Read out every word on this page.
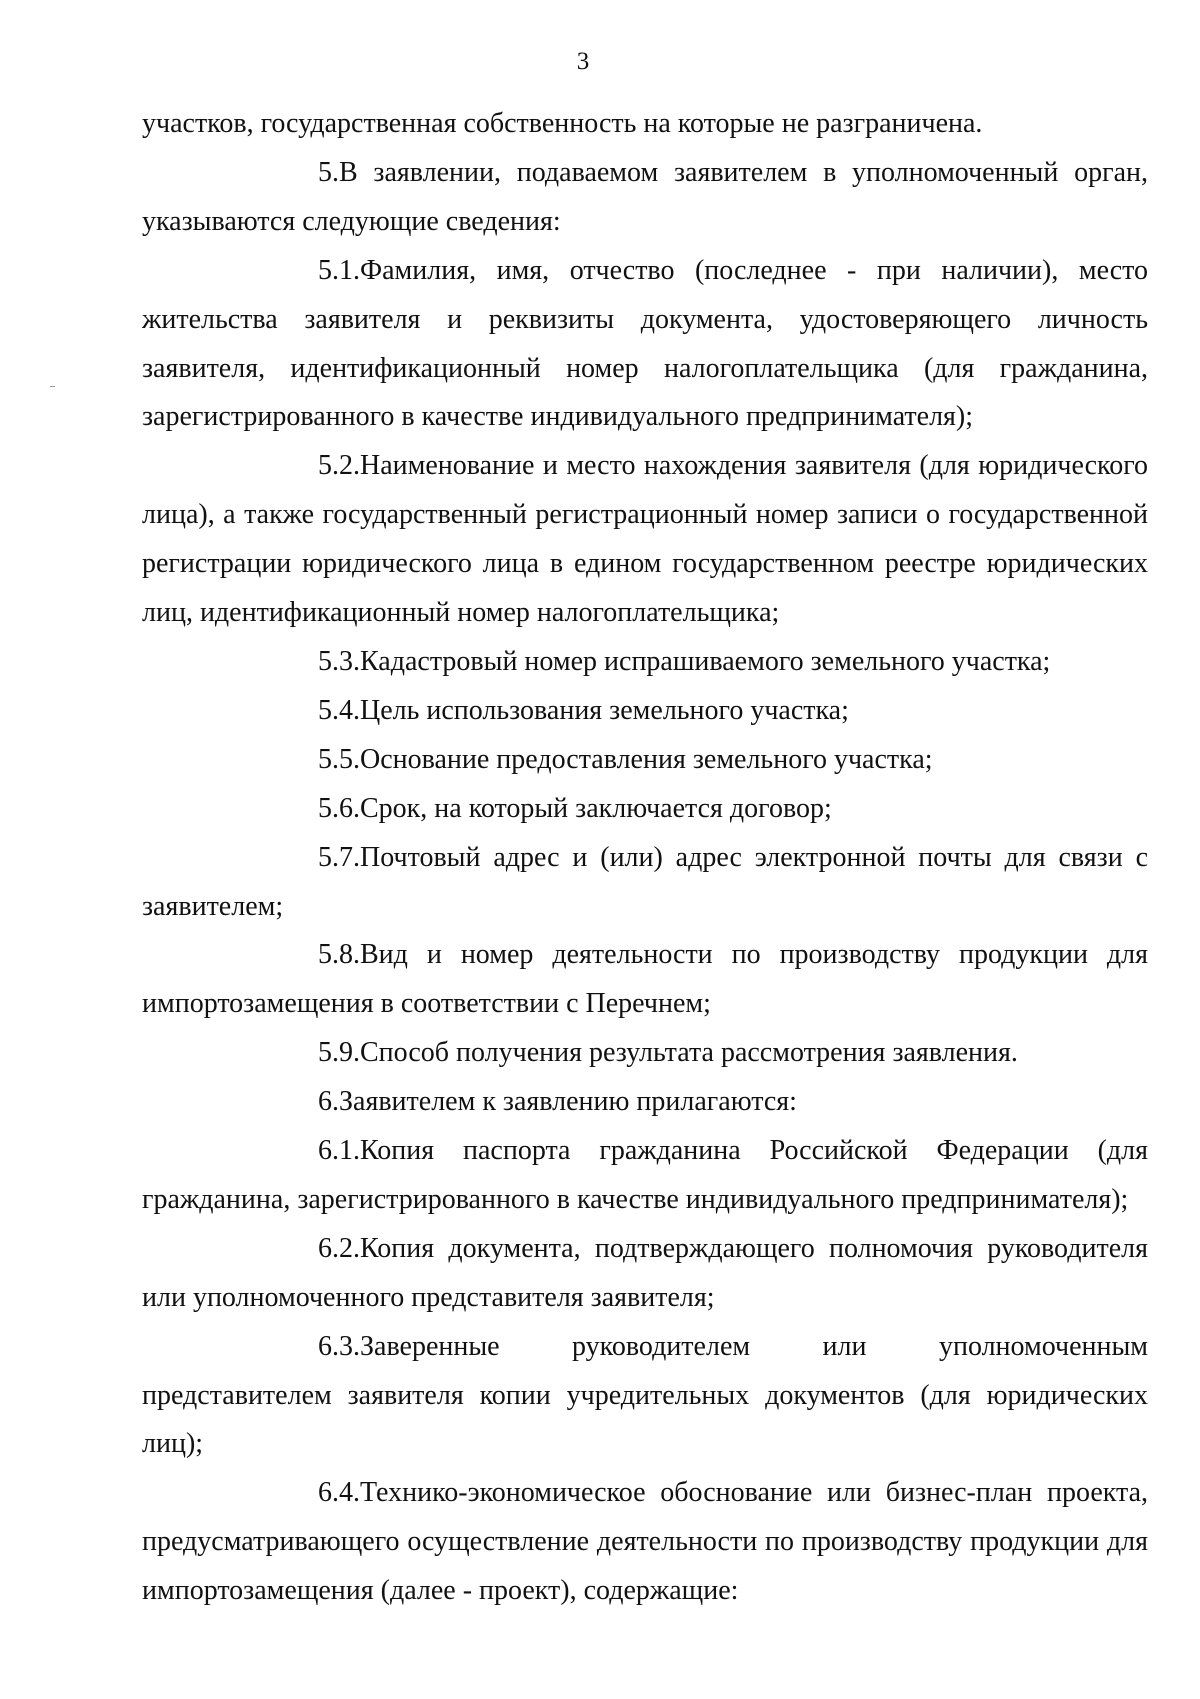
3

участков, государственная собственность на которые не разграничена.

5.В заявлении, подаваемом заявителем в уполномоченный орган, указываются следующие сведения:

5.1.Фамилия, имя, отчество (последнее - при наличии), место жительства заявителя и реквизиты документа, удостоверяющего личность заявителя, идентификационный номер налогоплательщика (для гражданина, зарегистрированного в качестве индивидуального предпринимателя);

5.2.Наименование и место нахождения заявителя (для юридического лица), а также государственный регистрационный номер записи о государственной регистрации юридического лица в едином государственном реестре юридических лиц, идентификационный номер налогоплательщика;

5.3.Кадастровый номер испрашиваемого земельного участка;

5.4.Цель использования земельного участка;

5.5.Основание предоставления земельного участка;

5.6.Срок, на который заключается договор;

5.7.Почтовый адрес и (или) адрес электронной почты для связи с заявителем;

5.8.Вид и номер деятельности по производству продукции для импортозамещения в соответствии с Перечнем;

5.9.Способ получения результата рассмотрения заявления.

6.Заявителем к заявлению прилагаются:

6.1.Копия паспорта гражданина Российской Федерации (для гражданина, зарегистрированного в качестве индивидуального предпринимателя);

6.2.Копия документа, подтверждающего полномочия руководителя или уполномоченного представителя заявителя;

6.3.Заверенные руководителем или уполномоченным представителем заявителя копии учредительных документов (для юридических лиц);

6.4.Технико-экономическое обоснование или бизнес-план проекта, предусматривающего осуществление деятельности по производству продукции для импортозамещения (далее - проект), содержащие:
